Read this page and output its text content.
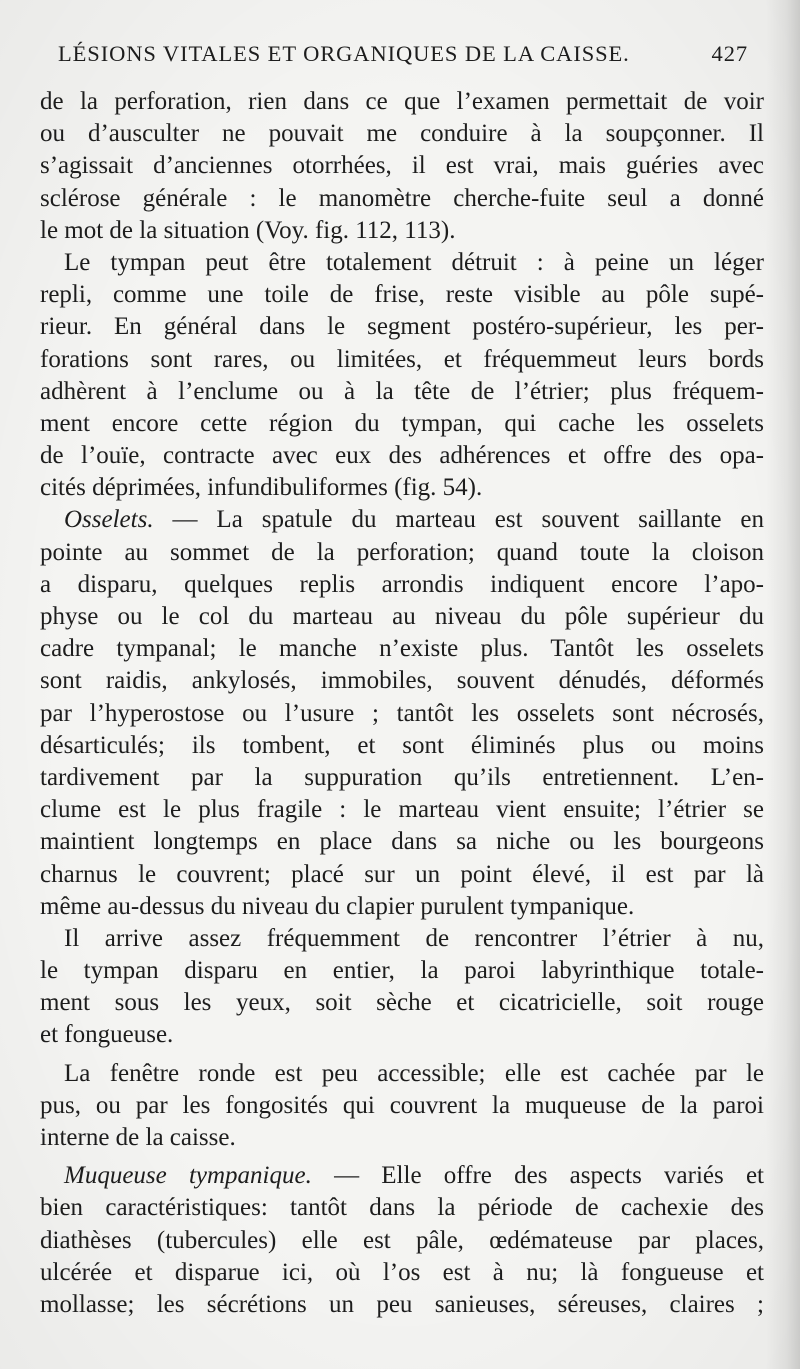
LÉSIONS VITALES ET ORGANIQUES DE LA CAISSE.	427
de la perforation, rien dans ce que l’examen permettait de voir
ou d’ausculter ne pouvait me conduire à la soupçonner. Il
s’agissait d’anciennes otorrhées, il est vrai, mais guéries avec
sclérose générale : le manomètre cherche-fuite seul a donné
le mot de la situation (Voy. fig. 112, 113).
Le tympan peut être totalement détruit : à peine un léger
repli, comme une toile de frise, reste visible au pôle supé-
rieur. En général dans le segment postéro-supérieur, les per-
forations sont rares, ou limitées, et fréquemmeut leurs bords
adhèrent à l’enclume ou à la tête de l’étrier; plus fréquem-
ment encore cette région du tympan, qui cache les osselets
de l’ouïe, contracte avec eux des adhérences et offre des opa-
cités déprimées, infundibuliformes (fig. 54).
Osselets. — La spatule du marteau est souvent saillante en
pointe au sommet de la perforation; quand toute la cloison
a disparu, quelques replis arrondis indiquent encore l’apo-
physe ou le col du marteau au niveau du pôle supérieur du
cadre tympanal; le manche n’existe plus. Tantôt les osselets
sont raidis, ankylosés, immobiles, souvent dénudés, déformés
par l’hyperostose ou l’usure ; tantôt les osselets sont nécrosés,
désarticulés; ils tombent, et sont éliminés plus ou moins
tardivement par la suppuration qu’ils entretiennent. L’en-
clume est le plus fragile : le marteau vient ensuite; l’étrier se
maintient longtemps en place dans sa niche ou les bourgeons
charnus le couvrent; placé sur un point élevé, il est par là
même au-dessus du niveau du clapier purulent tympanique.
Il arrive assez fréquemment de rencontrer l’étrier à nu,
le tympan disparu en entier, la paroi labyrinthique totale-
ment sous les yeux, soit sèche et cicatricielle, soit rouge
et fongueuse.
La fenêtre ronde est peu accessible; elle est cachée par le
pus, ou par les fongosités qui couvrent la muqueuse de la paroi
interne de la caisse.
Muqueuse tympanique. — Elle offre des aspects variés et
bien caractéristiques: tantôt dans la période de cachexie des
diathèses (tubercules) elle est pâle, œdémateuse par places,
ulcérée et disparue ici, où l’os est à nu; là fongueuse et
mollasse; les sécrétions un peu sanieuses, séreuses, claires ;
